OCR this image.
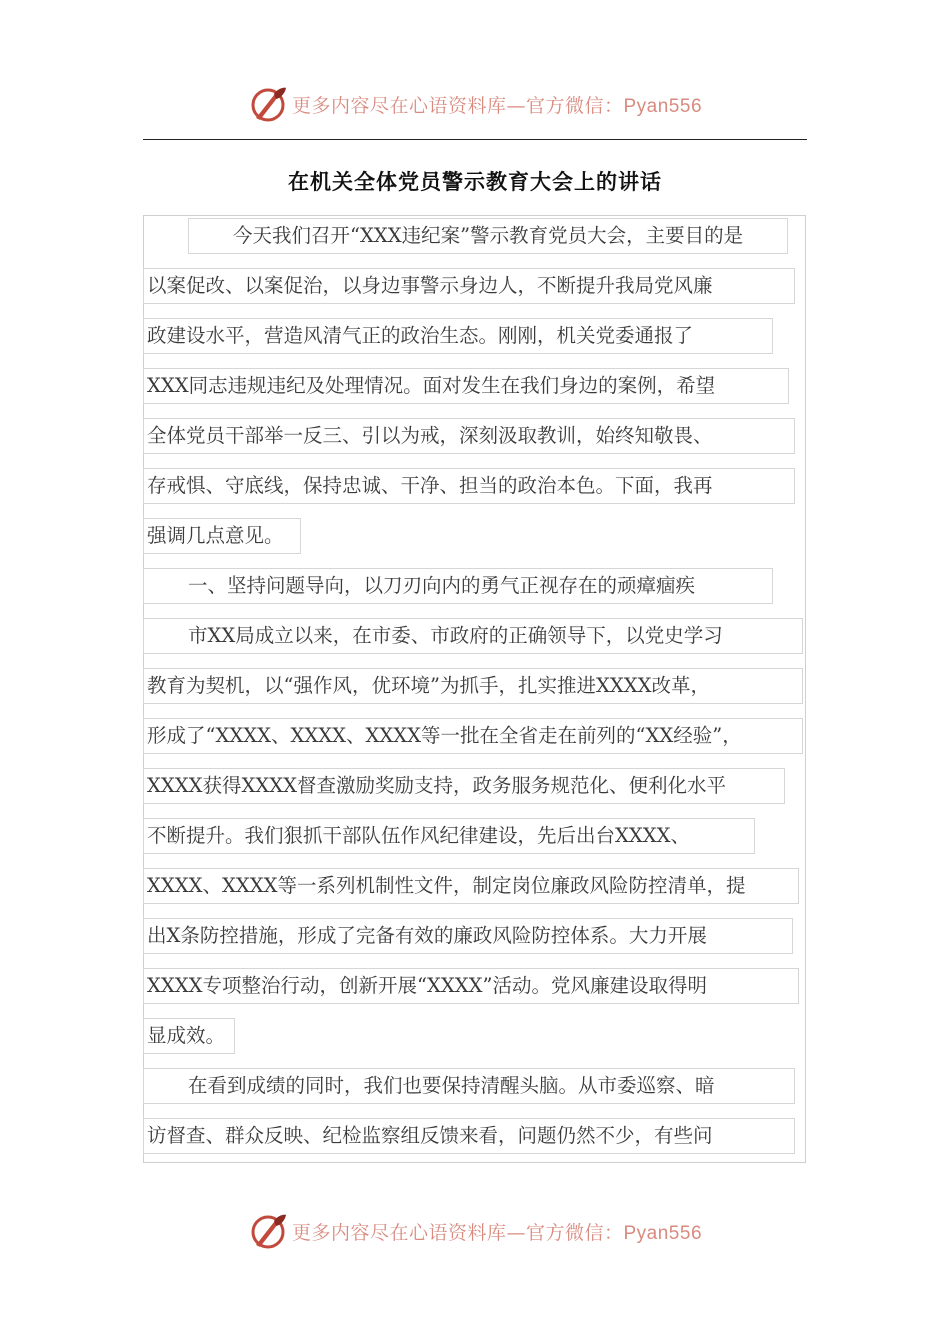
更多内容尽在心语资料库—官方微信：Pyan556
在机关全体党员警示教育大会上的讲话
今天我们召开“XXX违纪案”警示教育党员大会，主要目的是
以案促改、以案促治，以身边事警示身边人，不断提升我局党风廉
政建设水平，营造风清气正的政治生态。刚刚，机关党委通报了
XXX同志违规违纪及处理情况。面对发生在我们身边的案例，希望
全体党员干部举一反三、引以为戒，深刻汲取教训，始终知敬畏、
存戒惧、守底线，保持忠诚、干净、担当的政治本色。下面，我再
强调几点意见。
一、坚持问题导向，以刀刃向内的勇气正视存在的顽瘴痼疾
市XX局成立以来，在市委、市政府的正确领导下，以党史学习
教育为契机，以“强作风，优环境”为抓手，扎实推进XXXX改革，
形成了“XXXX、XXXX、XXXX等一批在全省走在前列的“XX经验”，
XXXX获得XXXX督查激励奖励支持，政务服务规范化、便利化水平
不断提升。我们狠抓干部队伍作风纪律建设，先后出台XXXX、
XXXX、XXXX等一系列机制性文件，制定岗位廉政风险防控清单，提
出X条防控措施，形成了完备有效的廉政风险防控体系。大力开展
XXXX专项整治行动，创新开展“XXXX”活动。党风廉建设取得明
显成效。
在看到成绩的同时，我们也要保持清醒头脑。从市委巡察、暗
访督查、群众反映、纪检监察组反馈来看，问题仍然不少，有些问
更多内容尽在心语资料库—官方微信：Pyan556
